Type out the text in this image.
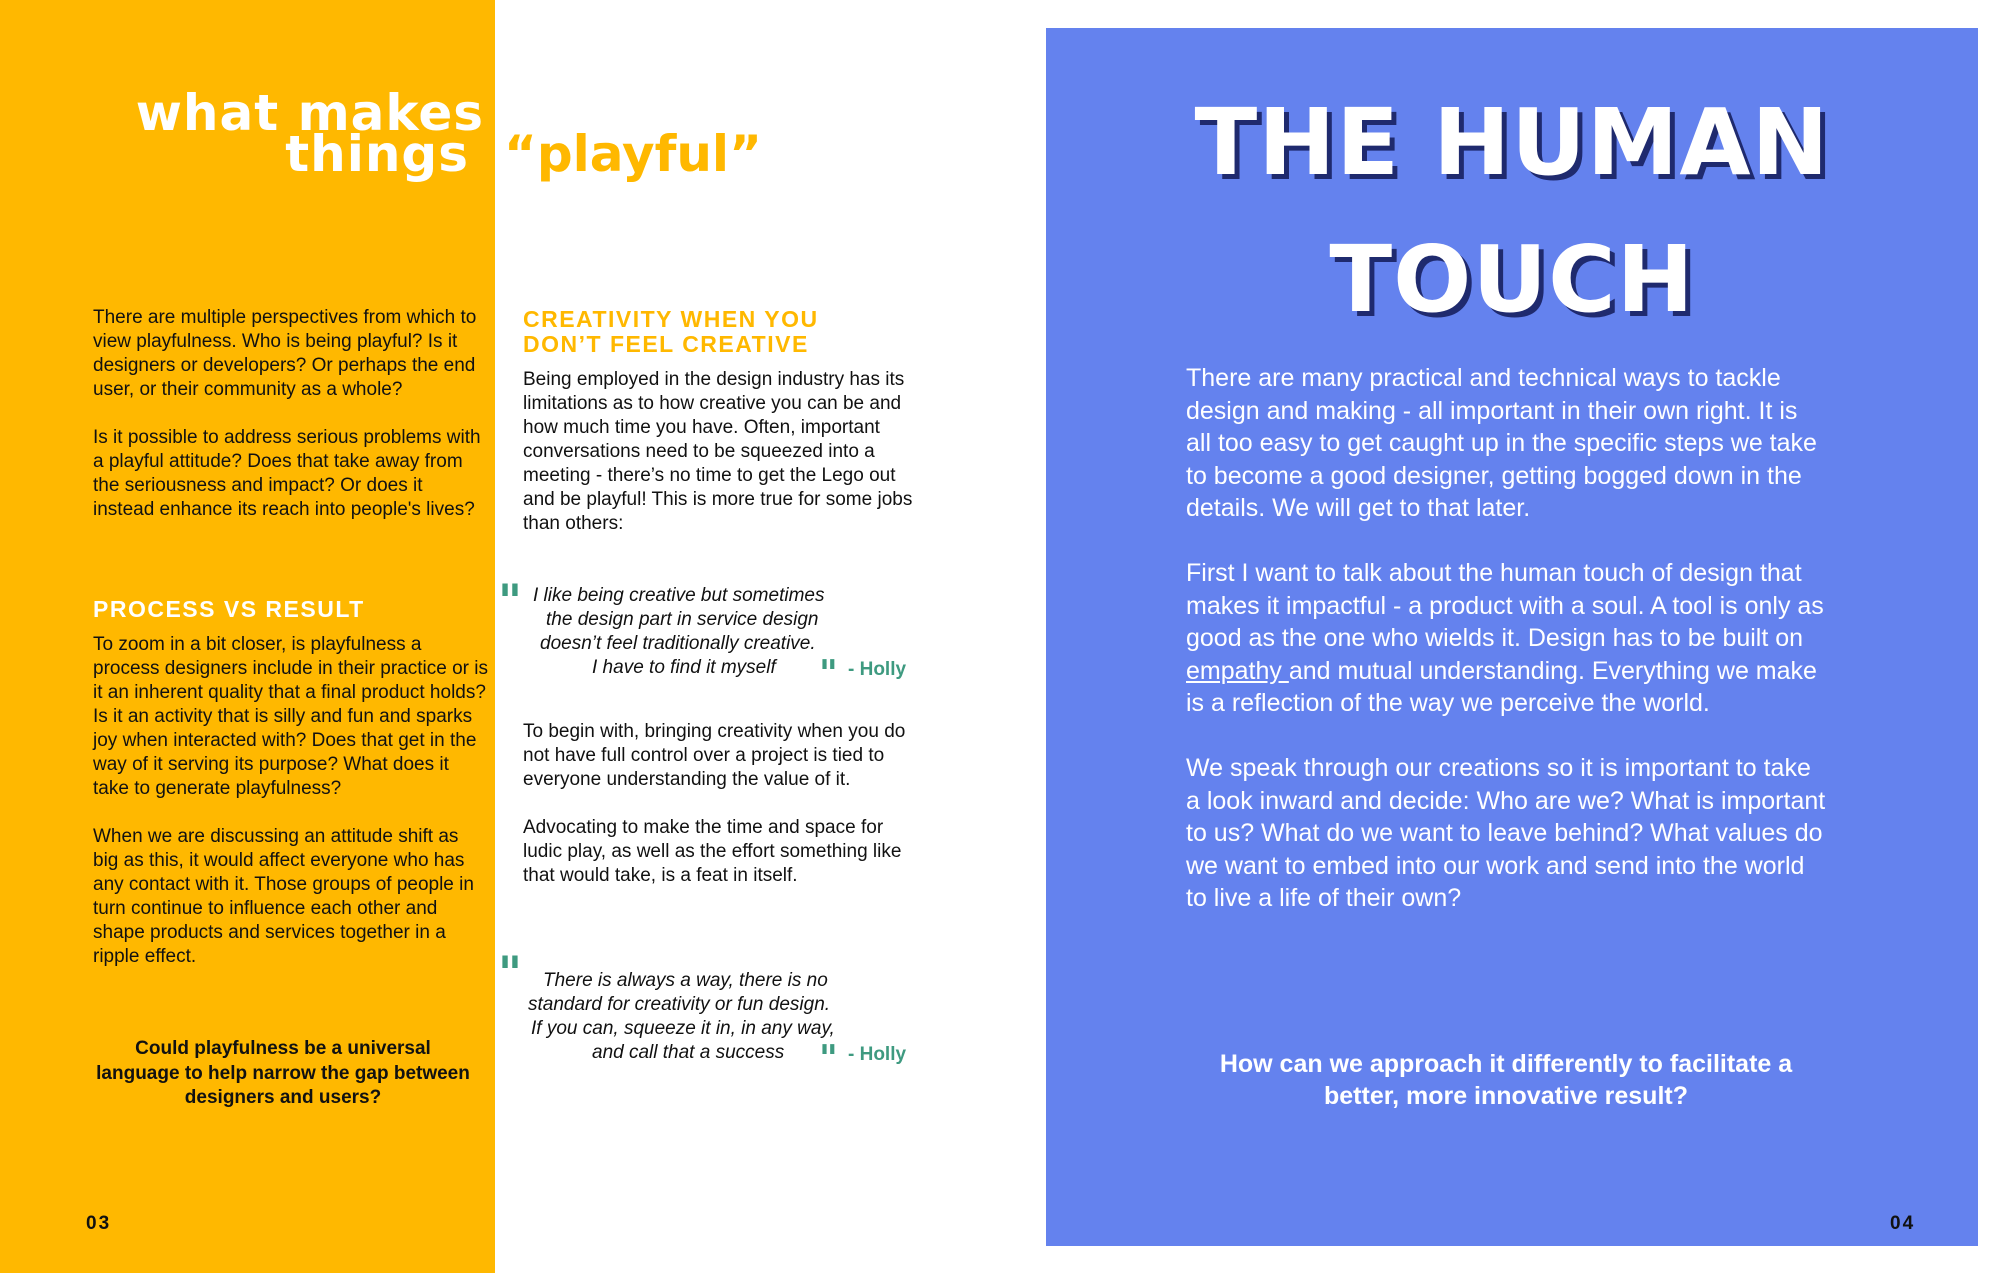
what makes
things “playful”

There are multiple perspectives from which to view playfulness. Who is being playful? Is it designers or developers? Or perhaps the end user, or their community as a whole?

Is it possible to address serious problems with a playful attitude? Does that take away from the seriousness and impact? Or does it instead enhance its reach into people's lives?

PROCESS VS RESULT

To zoom in a bit closer, is playfulness a process designers include in their practice or is it an inherent quality that a final product holds? Is it an activity that is silly and fun and sparks joy when interacted with? Does that get in the way of it serving its purpose? What does it take to generate playfulness?

When we are discussing an attitude shift as big as this, it would affect everyone who has any contact with it. Those groups of people in turn continue to influence each other and shape products and services together in a ripple effect.

Could playfulness be a universal language to help narrow the gap between designers and users?
CREATIVITY WHEN YOU
DON’T FEEL CREATIVE
Being employed in the design industry has its limitations as to how creative you can be and how much time you have. Often, important conversations need to be squeezed into a meeting - there’s no time to get the Lego out and be playful! This is more true for some jobs than others:
" I like being creative but sometimes
the design part in service design
doesn’t feel traditionally creative.
I have to find it myself " - Holly

To begin with, bringing creativity when you do not have full control over a project is tied to everyone understanding the value of it.

Advocating to make the time and space for ludic play, as well as the effort something like that would take, is a feat in itself.

" There is always a way, there is no
standard for creativity or fun design.
If you can, squeeze it in, in any way,
and call that a success " - Holly
03
THE HUMAN
TOUCH

There are many practical and technical ways to tackle design and making - all important in their own right. It is all too easy to get caught up in the specific steps we take to become a good designer, getting bogged down in the details. We will get to that later.

First I want to talk about the human touch of design that makes it impactful - a product with a soul. A tool is only as good as the one who wields it. Design has to be built on empathy and mutual understanding. Everything we make is a reflection of the way we perceive the world.

We speak through our creations so it is important to take a look inward and decide: Who are we? What is important to us? What do we want to leave behind? What values do we want to embed into our work and send into the world to live a life of their own?

How can we approach it differently to facilitate a better, more innovative result?
04
